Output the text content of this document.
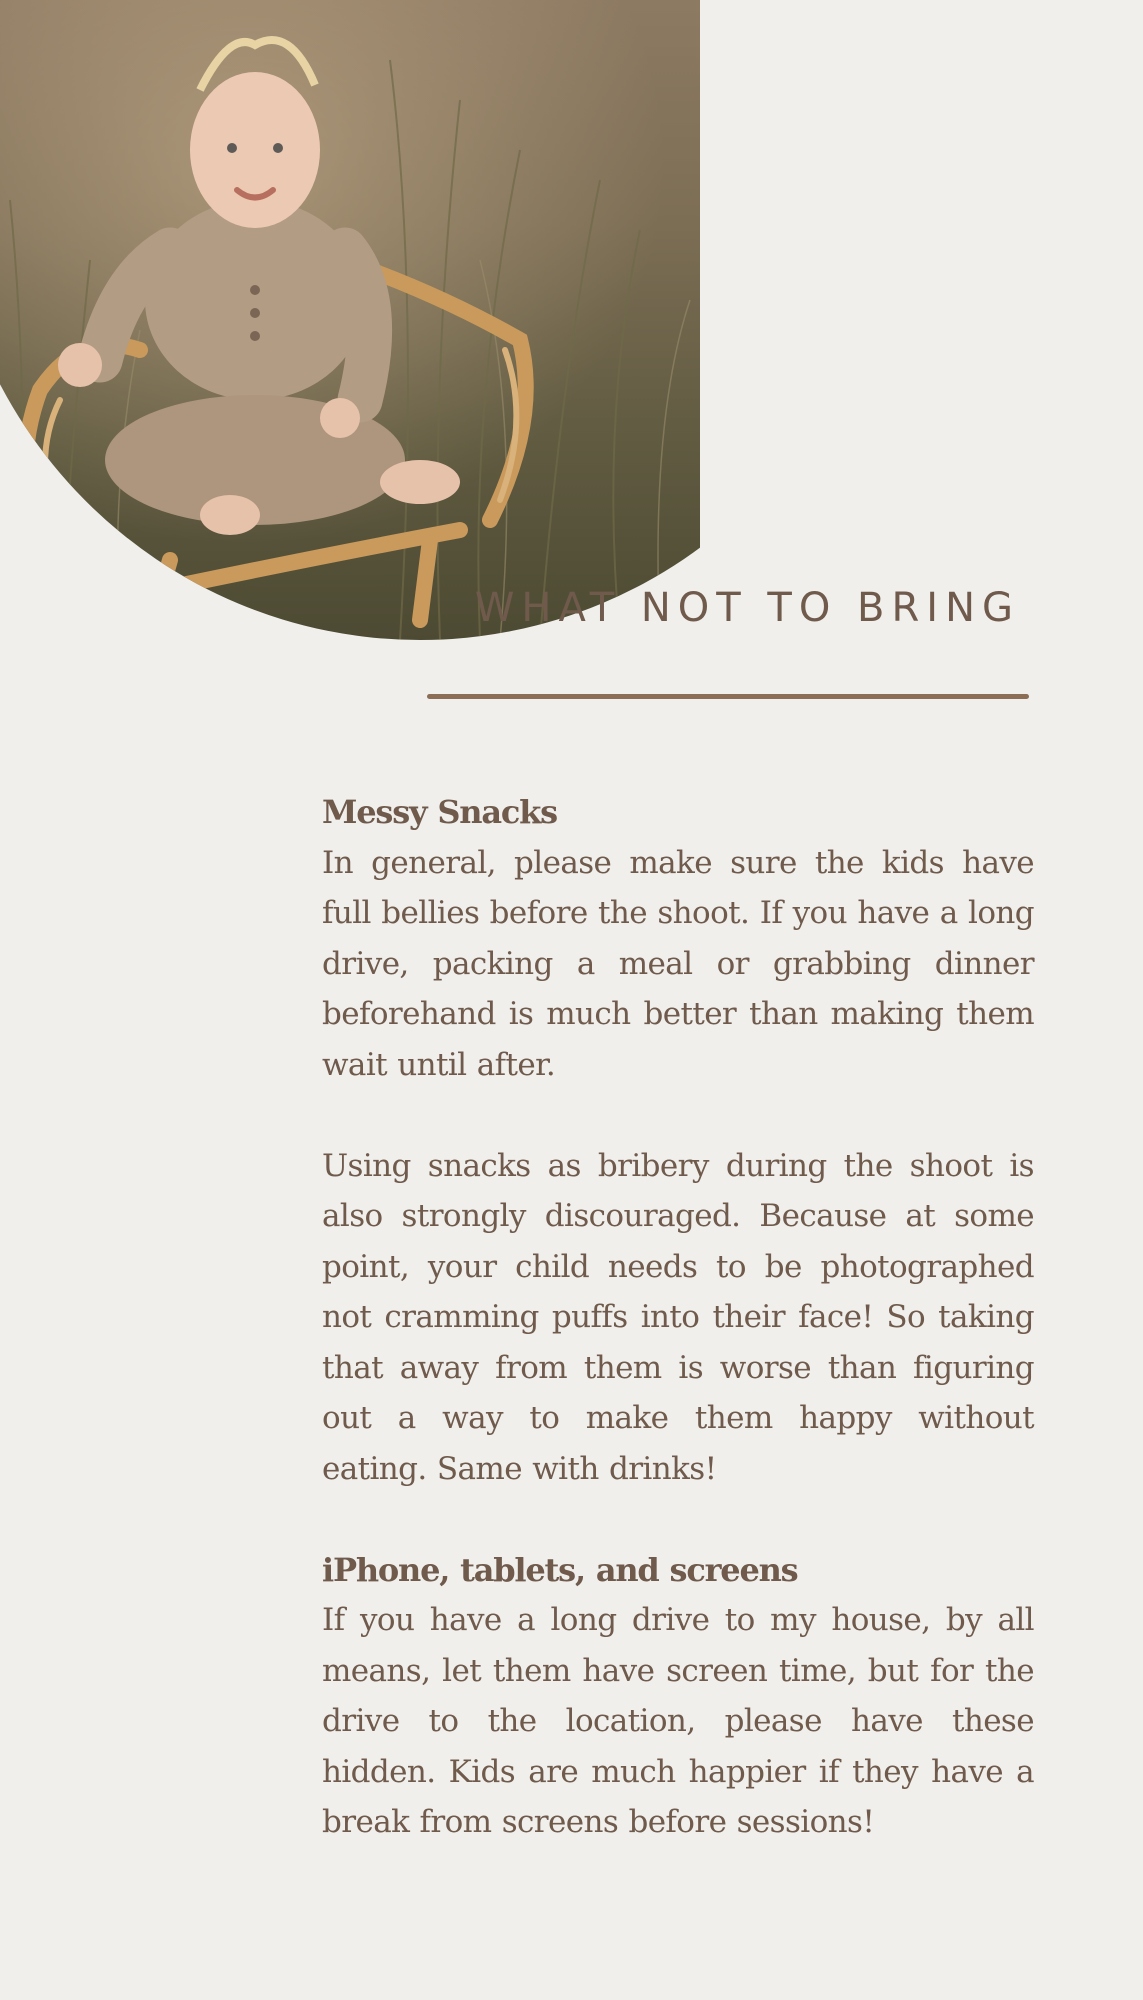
WHAT NOT TO BRING

Messy Snacks

In general, please make sure the kids have full bellies before the shoot. If you have a long drive, packing a meal or grabbing dinner beforehand is much better than making them wait until after.

Using snacks as bribery during the shoot is also strongly discouraged. Because at some point, your child needs to be photographed not cramming puffs into their face! So taking that away from them is worse than figuring out a way to make them happy without eating. Same with drinks!

iPhone, tablets, and screens

If you have a long drive to my house, by all means, let them have screen time, but for the drive to the location, please have these hidden. Kids are much happier if they have a break from screens before sessions!
